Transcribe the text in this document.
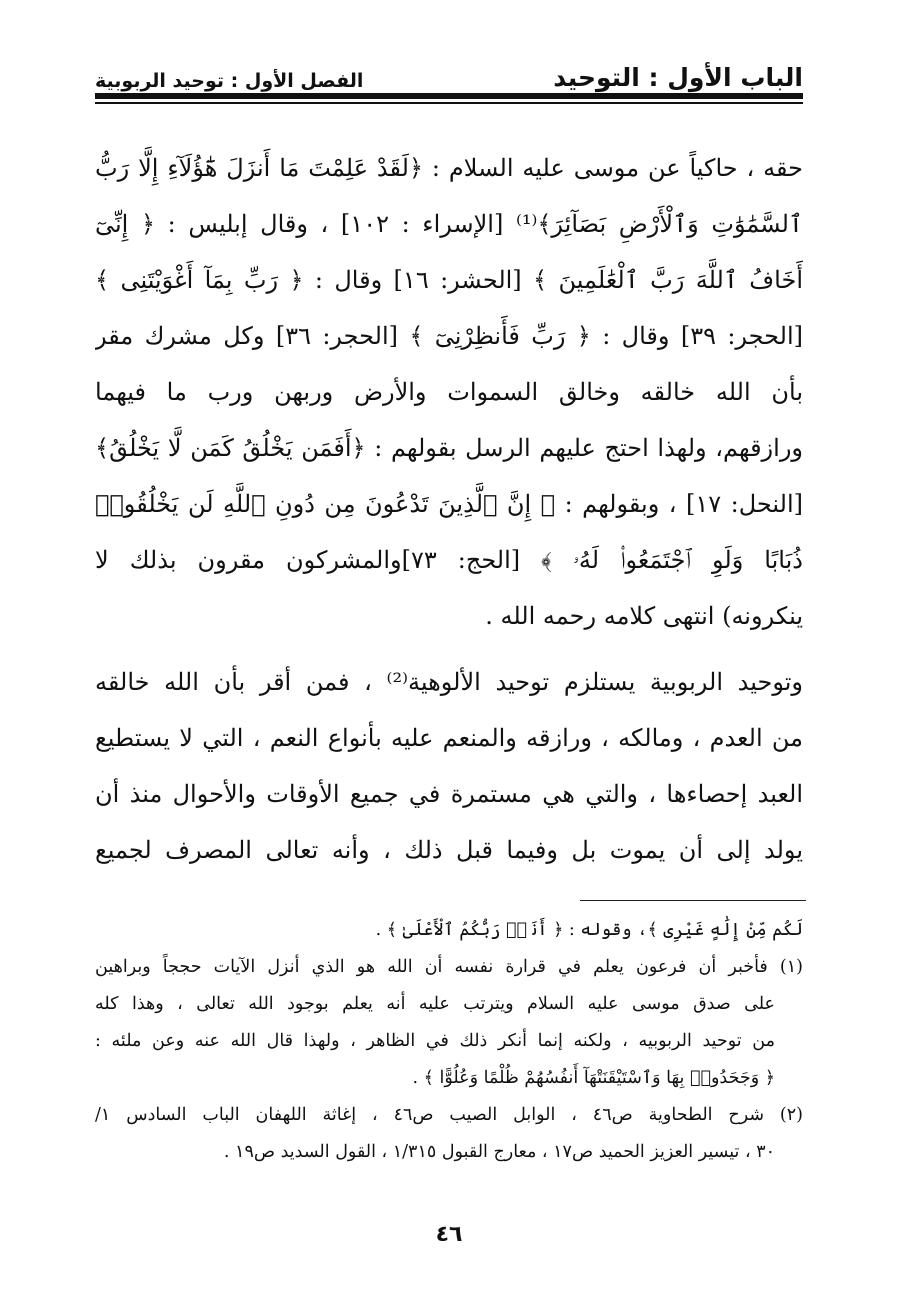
الباب الأول : التوحيد
الفصل الأول : توحيد الربوبية
حقه ، حاكياً عن موسى عليه السلام : ﴿لَقَدْ عَلِمْتَ مَا أَنزَلَ هَٰٓؤُلَآءِ إِلَّا رَبُّ
ٱلسَّمَٰوَٰتِ وَٱلْأَرْضِ بَصَآئِرَ﴾⁽¹⁾ [الإسراء : ١٠٢] ، وقال إبليس : ﴿ إِنِّىٓ
أَخَافُ ٱللَّهَ رَبَّ ٱلْعَٰلَمِينَ ﴾ [الحشر: ١٦] وقال : ﴿ رَبِّ بِمَآ أَغْوَيْتَنِى ﴾
[الحجر: ٣٩] وقال : ﴿ رَبِّ فَأَنظِرْنِىٓ ﴾ [الحجر: ٣٦] وكل مشرك مقر
بأن الله خالقه وخالق السموات والأرض وربهن ورب ما فيهما
ورازقهم، ولهذا احتج عليهم الرسل بقولهم : ﴿أَفَمَن يَخْلُقُ كَمَن لَّا يَخْلُقُ﴾
[النحل: ١٧] ، وبقولهم : ﴿ إِنَّ ٱلَّذِينَ تَدْعُونَ مِن دُونِ ٱللَّهِ لَن يَخْلُقُوا۟
ذُبَابًا وَلَوِ ٱجْتَمَعُوا۟ لَهُۥ ﴾ [الحج: ٧٣]والمشركون مقرون بذلك لا
ينكرونه) انتهى كلامه رحمه الله .
وتوحيد الربوبية يستلزم توحيد الألوهية⁽²⁾ ، فمن أقر بأن الله خالقه
من العدم ، ومالكه ، ورازقه والمنعم عليه بأنواع النعم ، التي لا يستطيع
العبد إحصاءها ، والتي هي مستمرة في جميع الأوقات والأحوال منذ أن
يولد إلى أن يموت بل وفيما قبل ذلك ، وأنه تعالى المصرف لجميع
لَكُم مِّنْ إِلَٰهٍ غَيْرِى ﴾، وقوله : ﴿ أَنَا۠ رَبُّكُمُ ٱلْأَعْلَىٰ ﴾ .
(١) فأخبر أن فرعون يعلم في قرارة نفسه أن الله هو الذي أنزل الآيات حججاً وبراهين
على صدق موسى عليه السلام ويترتب عليه أنه يعلم بوجود الله تعالى ، وهذا كله
من توحيد الربوبيه ، ولكنه إنما أنكر ذلك في الظاهر ، ولهذا قال الله عنه وعن ملئه :
﴿ وَجَحَدُوا۟ بِهَا وَٱسْتَيْقَنَتْهَآ أَنفُسُهُمْ ظُلْمًا وَعُلُوًّا ﴾ .
(٢) شرح الطحاوية ص٤٦ ، الوابل الصيب ص٤٦ ، إغاثة اللهفان الباب السادس ١/
٣٠ ، تيسير العزيز الحميد ص١٧ ، معارج القبول ١/٣١٥ ، القول السديد ص١٩ .
٤٦
